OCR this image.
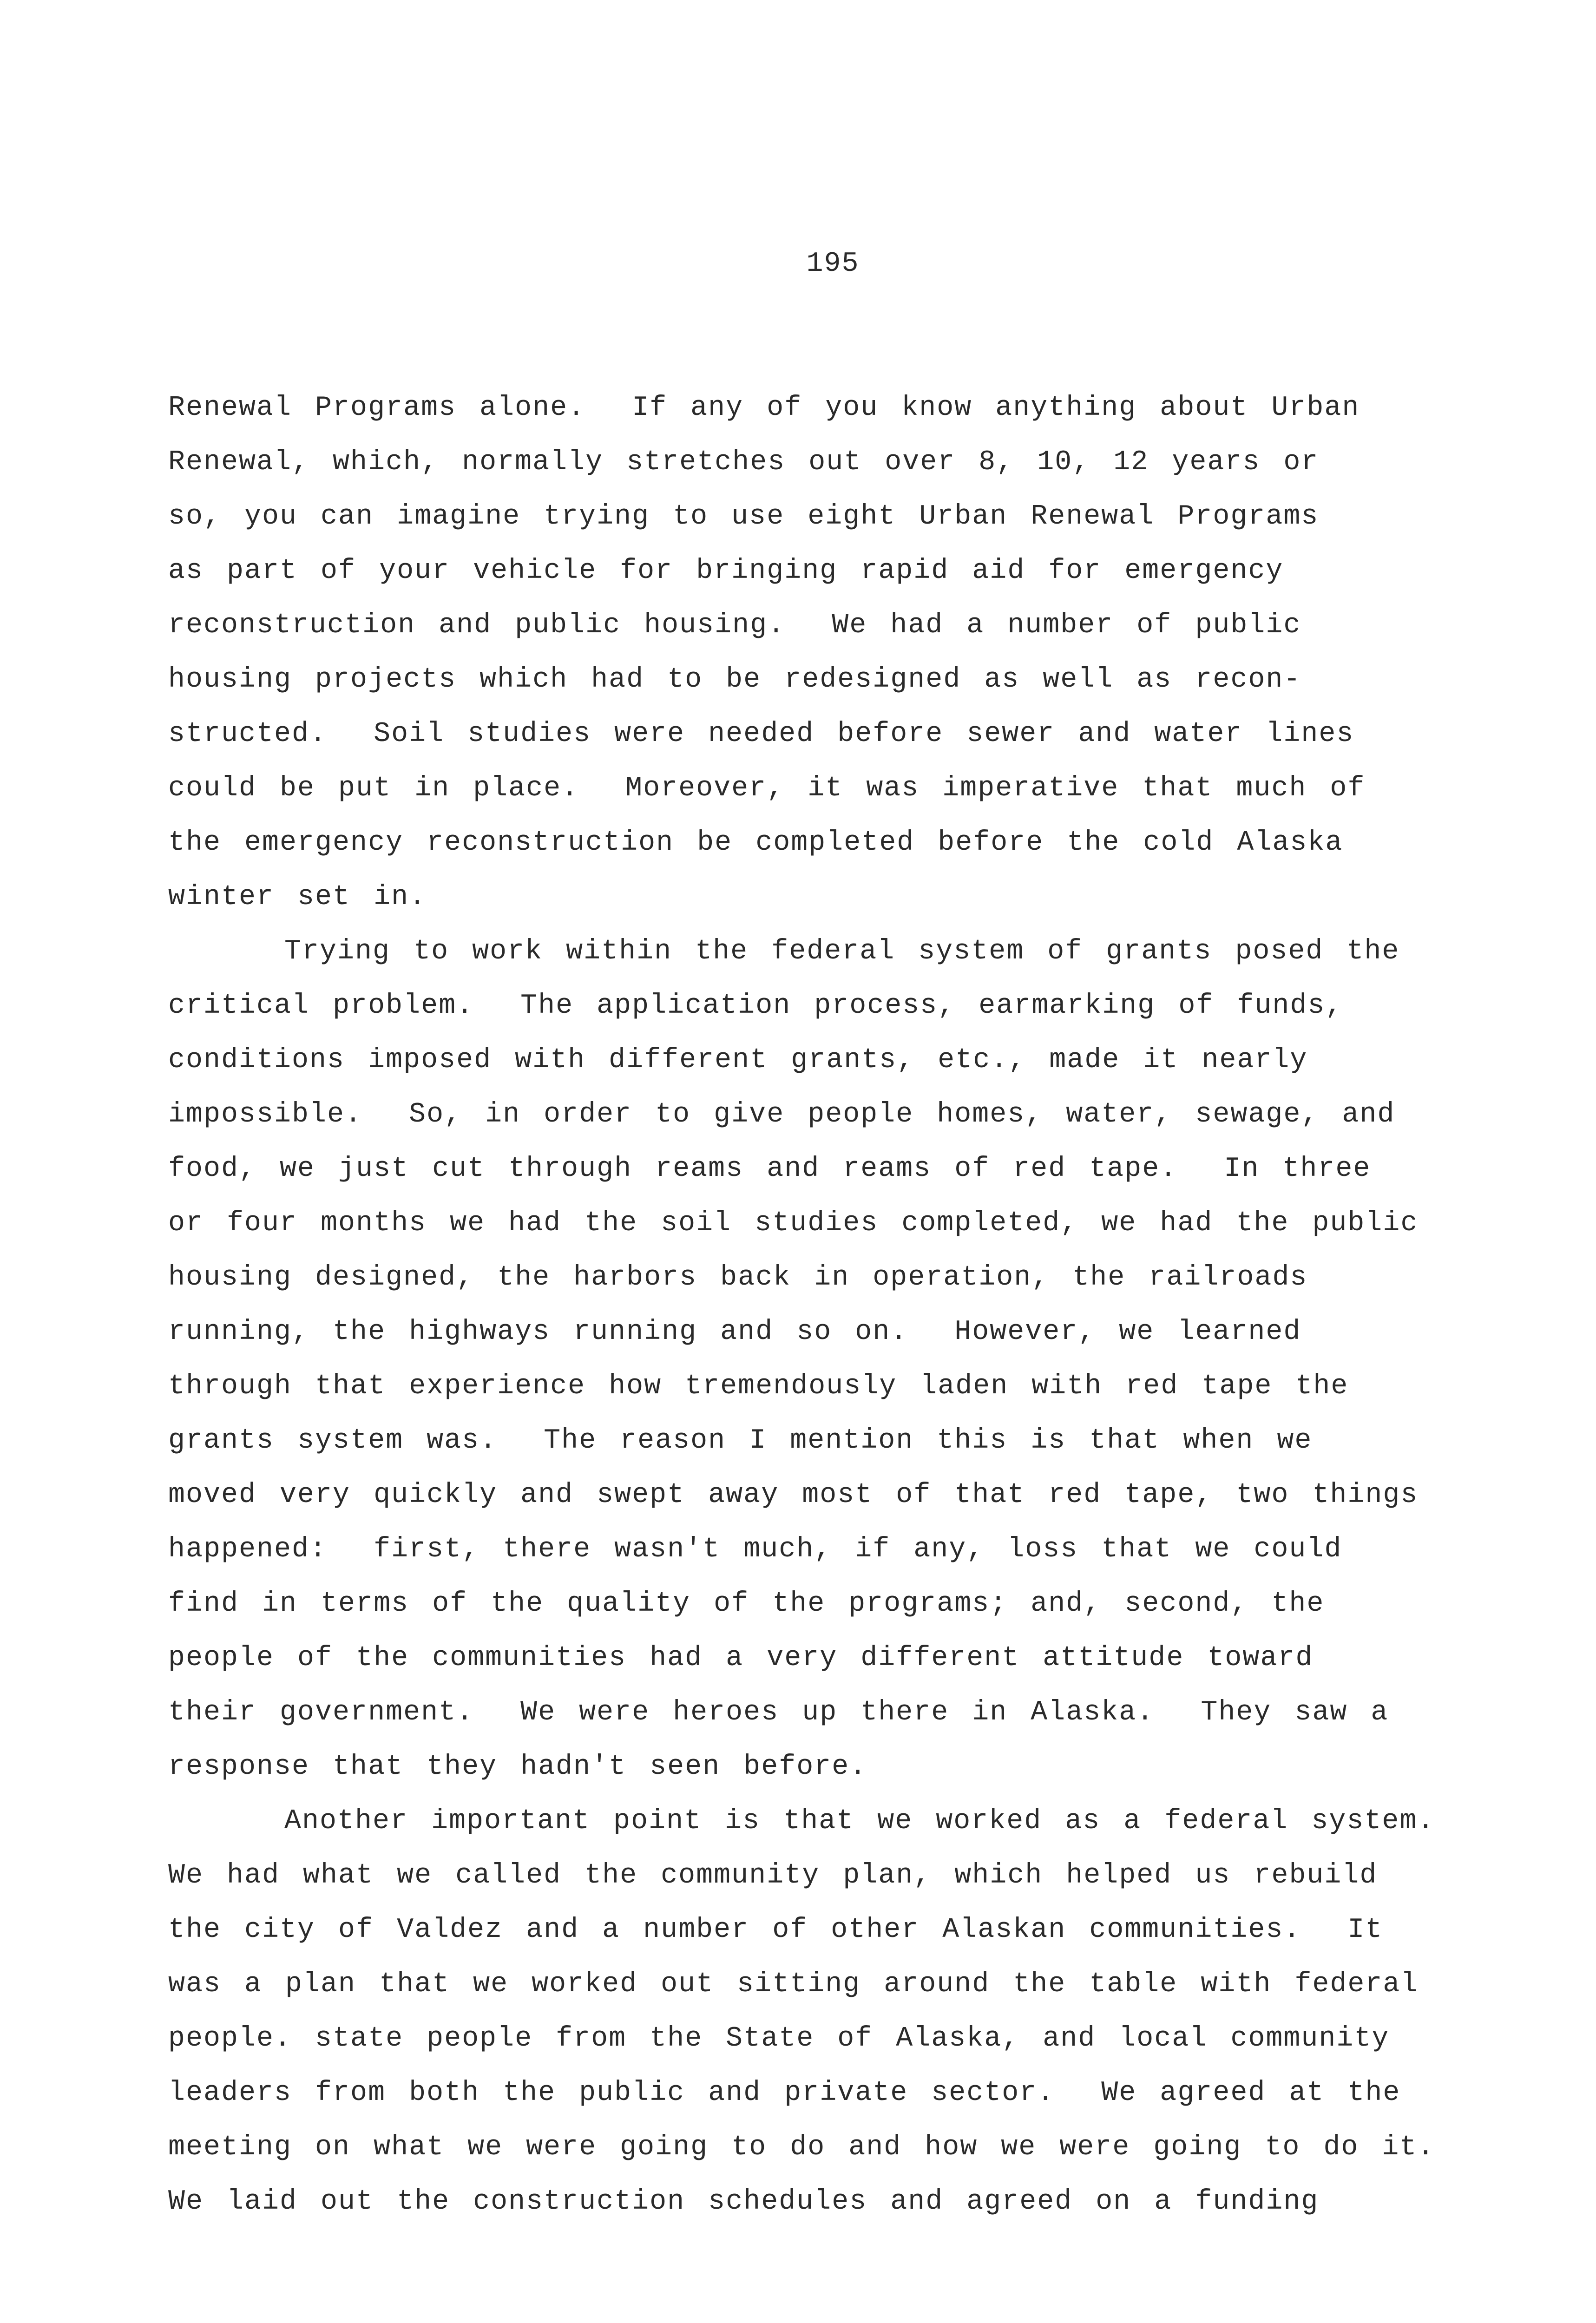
195
Renewal Programs alone.  If any of you know anything about Urban
Renewal, which, normally stretches out over 8, 10, 12 years or
so, you can imagine trying to use eight Urban Renewal Programs
as part of your vehicle for bringing rapid aid for emergency
reconstruction and public housing.  We had a number of public
housing projects which had to be redesigned as well as recon-
structed.  Soil studies were needed before sewer and water lines
could be put in place.  Moreover, it was imperative that much of
the emergency reconstruction be completed before the cold Alaska
winter set in.
Trying to work within the federal system of grants posed the
critical problem.  The application process, earmarking of funds,
conditions imposed with different grants, etc., made it nearly
impossible.  So, in order to give people homes, water, sewage, and
food, we just cut through reams and reams of red tape.  In three
or four months we had the soil studies completed, we had the public
housing designed, the harbors back in operation, the railroads
running, the highways running and so on.  However, we learned
through that experience how tremendously laden with red tape the
grants system was.  The reason I mention this is that when we
moved very quickly and swept away most of that red tape, two things
happened:  first, there wasn't much, if any, loss that we could
find in terms of the quality of the programs; and, second, the
people of the communities had a very different attitude toward
their government.  We were heroes up there in Alaska.  They saw a
response that they hadn't seen before.
Another important point is that we worked as a federal system.
We had what we called the community plan, which helped us rebuild
the city of Valdez and a number of other Alaskan communities.  It
was a plan that we worked out sitting around the table with federal
people. state people from the State of Alaska, and local community
leaders from both the public and private sector.  We agreed at the
meeting on what we were going to do and how we were going to do it.
We laid out the construction schedules and agreed on a funding
